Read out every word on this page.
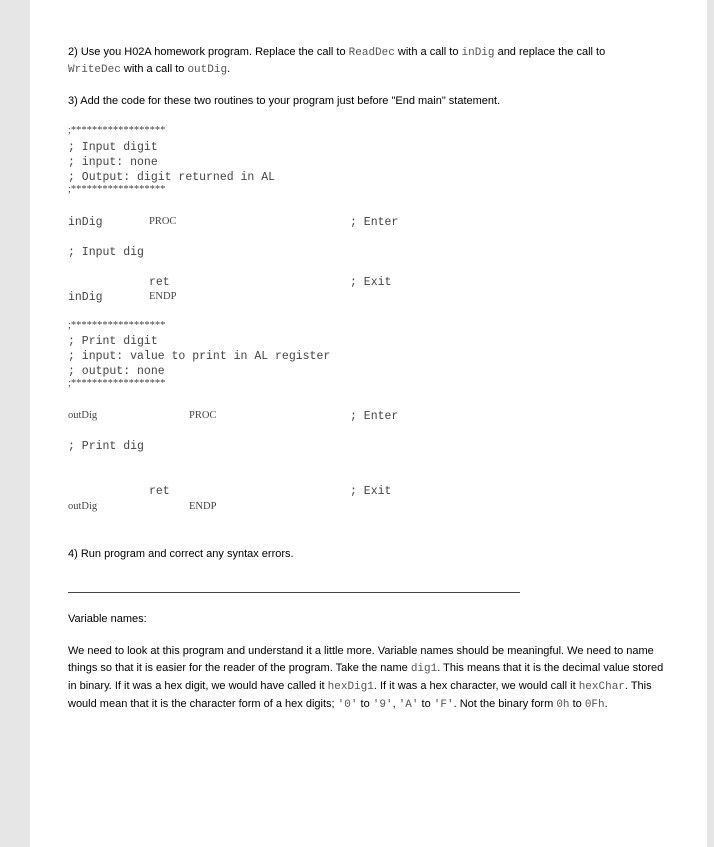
2) Use you H02A homework program. Replace the call to ReadDec with a call to inDig and replace the call to
WriteDec with a call to outDig.
3) Add the code for these two routines to your program just before "End main" statement.
;******************
; Input digit
; input: none
; Output: digit returned in AL
;******************
inDig	PROC	; Enter
; Input dig
ret	; Exit
inDig	ENDP
;******************
; Print digit
; input: value to print in AL register
; output: none
;******************
outDig	PROC	; Enter
; Print dig
ret	; Exit
outDig	ENDP
4) Run program and correct any syntax errors.
Variable names:
We need to look at this program and understand it a little more. Variable names should be meaningful. We need to name things so that it is easier for the reader of the program. Take the name dig1. This means that it is the decimal value stored in binary. If it was a hex digit, we would have called it hexDig1. If it was a hex character, we would call it hexChar. This would mean that it is the character form of a hex digits; '0' to '9', 'A' to 'F'. Not the binary form 0h to 0Fh.
